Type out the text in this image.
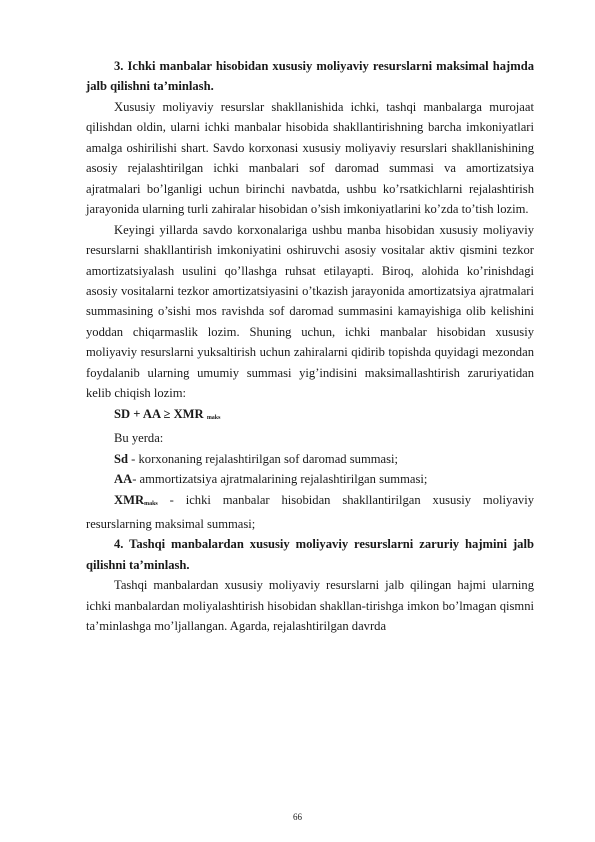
3. Ichki manbalar hisobidan xususiy moliyaviy resurslarni maksimal hajmda jalb qilishni ta’minlash.

Xususiy moliyaviy resurslar shakllanishida ichki, tashqi manbalarga murojaat qilishdan oldin, ularni ichki manbalar hisobida shakllantirishning barcha imkoniyatlari amalga oshirilishi shart. Savdo korxonasi xususiy moliyaviy resurslari shakllanishining asosiy rejalashtirilgan ichki manbalari sof daromad summasi va amortizatsiya ajratmalari bo’lganligi uchun birinchi navbatda, ushbu ko’rsatkichlarni rejalashtirish jarayonida ularning turli zahiralar hisobidan o’sish imkoniyatlarini ko’zda to’tish lozim.

Keyingi yillarda savdo korxonalariga ushbu manba hisobidan xususiy moliyaviy resurslarni shakllantirish imkoniyatini oshiruvchi asosiy vositalar aktiv qismini tezkor amortizatsiyalash usulini qo’llashga ruhsat etilayapti. Biroq, alohida ko’rinishdagi asosiy vositalarni tezkor amortizatsiyasini o’tkazish jarayonida amortizatsiya ajratmalari summasining o’sishi mos ravishda sof daromad summasini kamayishiga olib kelishini yoddan chiqarmaslik lozim. Shuning uchun, ichki manbalar hisobidan xususiy moliyaviy resurslarni yuksaltirish uchun zahiralarni qidirib topishda quyidagi mezondan foydalanib ularning umumiy summasi yig’indisini maksimallashtirish zaruriyatidan kelib chiqish lozim:

SD + AA ≥ XMR maks

Bu yerda:

Sd - korxonaning rejalashtirilgan sof daromad summasi;

AA- ammortizatsiya ajratmalarining rejalashtirilgan summasi;

XMRmaks - ichki manbalar hisobidan shakllantirilgan xususiy moliyaviy resurslarning maksimal summasi;

4. Tashqi manbalardan xususiy moliyaviy resurslarni zaruriy hajmini jalb qilishni ta’minlash.

Tashqi manbalardan xususiy moliyaviy resurslarni jalb qilingan hajmi ularning ichki manbalardan moliyalashtirish hisobidan shakllan-tirishga imkon bo’lmagan qismni ta’minlashga mo’ljallangan. Agarda, rejalashtirilgan davrda

66
